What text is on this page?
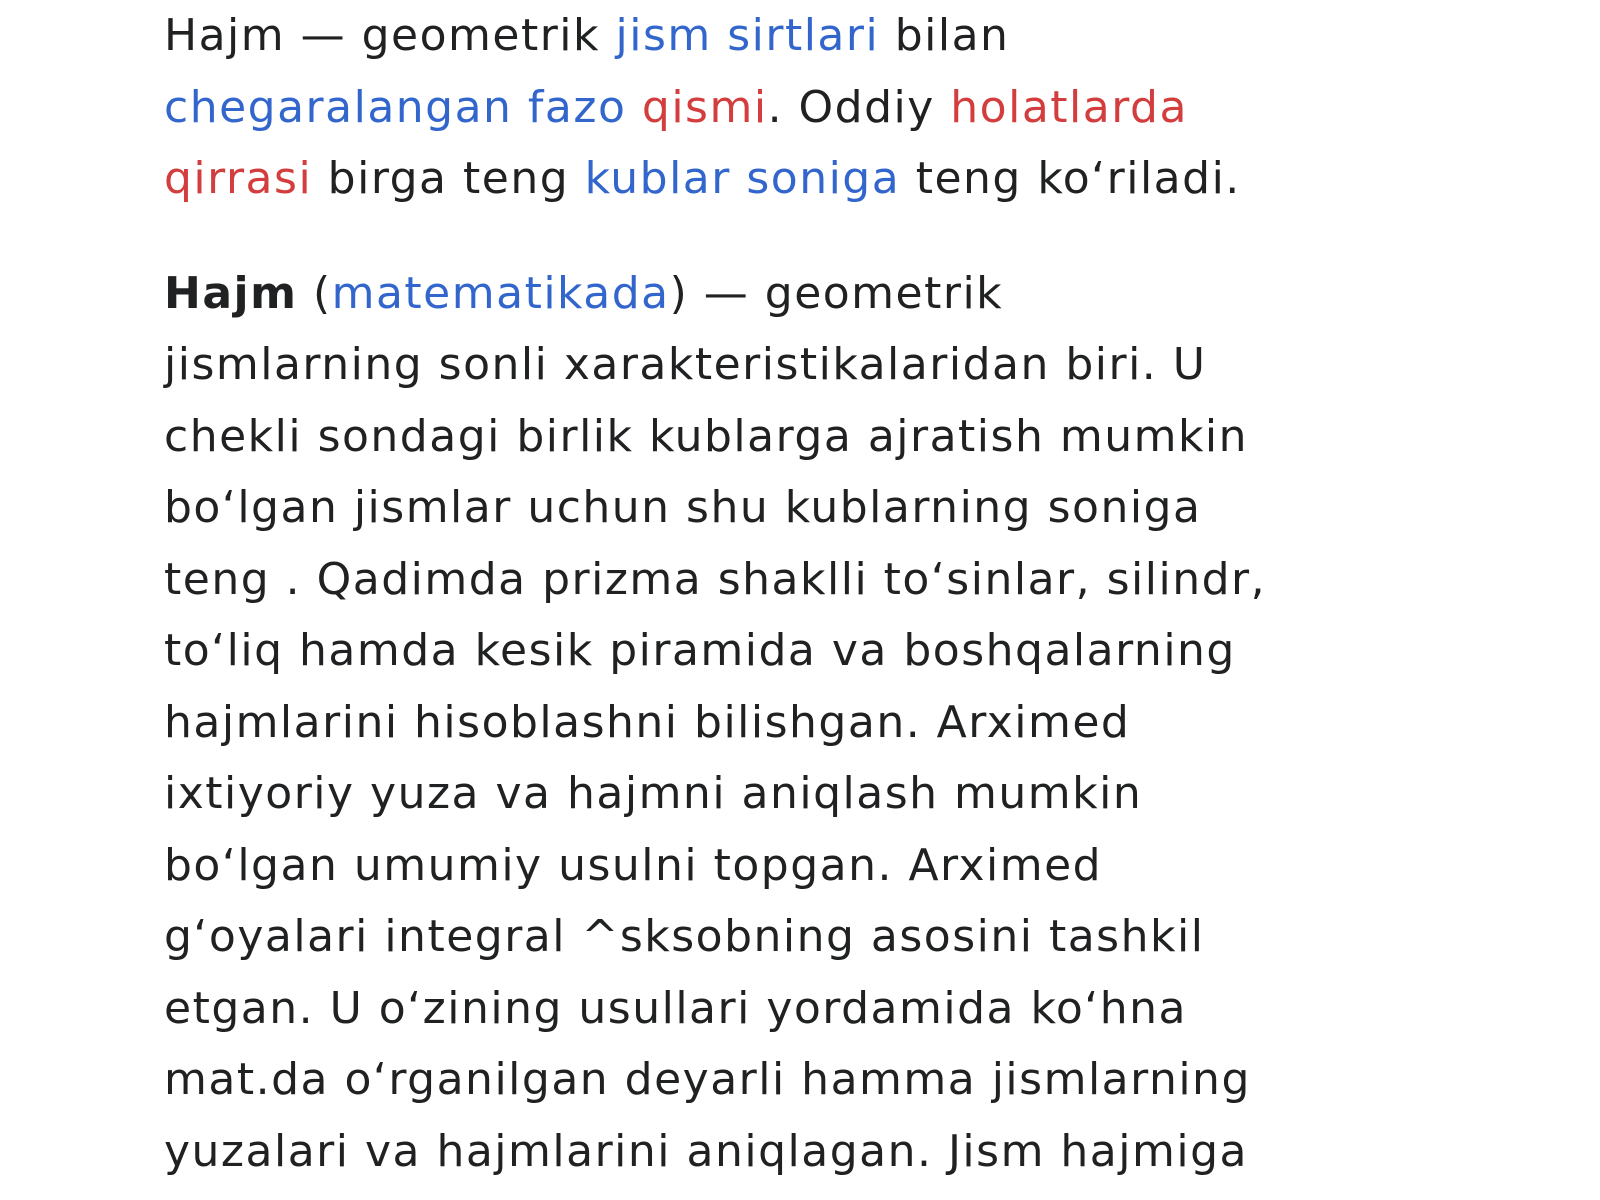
Hajm — geometrik jism sirtlari bilan
chegaralangan fazo qismi. Oddiy holatlarda
qirrasi birga teng kublar soniga teng ko‘riladi.

Hajm (matematikada) — geometrik
jismlarning sonli xarakteristikalaridan biri. U
chekli sondagi birlik kublarga ajratish mumkin
bo‘lgan jismlar uchun shu kublarning soniga
teng . Qadimda prizma shaklli to‘sinlar, silindr,
to‘liq hamda kesik piramida va boshqalarning
hajmlarini hisoblashni bilishgan. Arximed
ixtiyoriy yuza va hajmni aniqlash mumkin
bo‘lgan umumiy usulni topgan. Arximed
g‘oyalari integral ^sksobning asosini tashkil
etgan. U o‘zining usullari yordamida ko‘hna
mat.da o‘rganilgan deyarli hamma jismlarning
yuzalari va hajmlarini aniqlagan. Jism hajmiga
